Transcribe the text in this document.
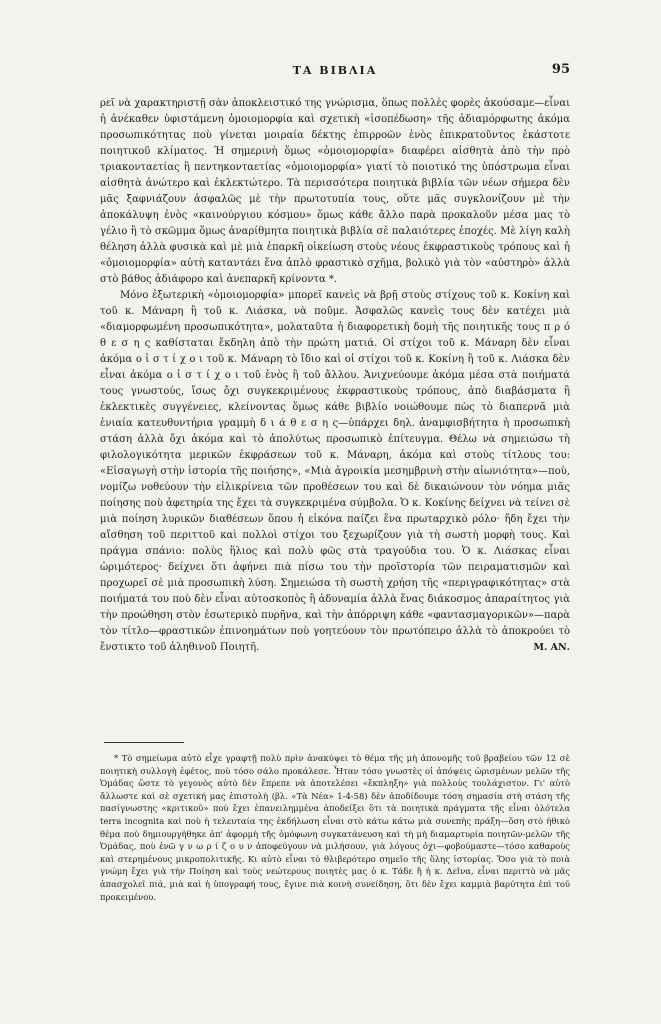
ΤΑ ΒΙΒΛΙΑ	95

ρεῖ νὰ χαρακτηριστῇ σὰν ἀποκλειστικό της γνώρισμα, ὅπως πολλὲς φορὲς ἀκούσαμε—εἶναι ἡ ἀνέκαθεν ὑφιστάμενη ὁμοιομορφία καὶ σχετικὴ «ἰσοπέδωση» τῆς ἀδιαμόρφωτης ἀκόμα προσωπικότητας ποὺ γίνεται μοιραία δέκτης ἐπιρροῶν ἑνὸς ἐπικρατοῦντος ἑκάστοτε ποιητικοῦ κλίματος. Ἡ σημερινὴ ὅμως «ὁμοιομορφία» διαφέρει αἰσθητὰ ἀπὸ τὴν πρὸ τριακονταετίας ἢ πεντηκονταετίας «ὁμοιομορφία» γιατί τὸ ποιοτικό της ὑπόστρωμα εἶναι αἰσθητὰ ἀνώτερο καὶ ἐκλεκτώτερο. Τὰ περισσότερα ποιητικὰ βιβλία τῶν νέων σήμερα δὲν μᾶς ξαφνιάζουν ἀσφαλῶς μὲ τὴν πρωτοτυπία τους, οὔτε μᾶς συγκλονίζουν μὲ τὴν ἀποκάλυψη ἑνὸς «καινούργιου κόσμου» ὅμως κάθε ἄλλο παρὰ προκαλοῦν μέσα μας τὸ γέλιο ἢ τὸ σκῶμμα ὅμως ἀναρίθμητα ποιητικὰ βιβλία σὲ παλαιότερες ἐποχές. Μὲ λίγη καλὴ θέληση ἀλλὰ φυσικὰ καὶ μὲ μιὰ ἐπαρκῆ οἰκείωση στοὺς νέους ἐκφραστικοὺς τρόπους καὶ ἡ «ὁμοιομορφία» αὐτὴ καταντάει ἕνα ἁπλὸ φραστικὸ σχῆμα, βολικὸ γιὰ τὸν «αὐστηρὸ» ἀλλὰ στὸ βάθος ἀδιάφορο καὶ ἀνεπαρκῆ κρίνοντα *.

Μόνο ἐξωτερικὴ «ὁμοιομορφία» μπορεῖ κανεὶς νὰ βρῇ στοὺς στίχους τοῦ κ. Κοκίνη καὶ τοῦ κ. Μάναρη ἢ τοῦ κ. Λιάσκα, νὰ ποῦμε. Ἀσφαλῶς κανεὶς τους δὲν κατέχει μιὰ «διαμορφωμένη προσωπικότητα», μολαταῦτα ἡ διαφορετικὴ δομὴ τῆς ποιητικῆς τους π ρ ό θ ε σ η ς καθίσταται ἔκδηλη ἀπὸ τὴν πρώτη ματιά. Οἱ στίχοι τοῦ κ. Μάναρη δὲν εἶναι ἀκόμα ο ἱ σ τ ί χ ο ι τοῦ κ. Μάναρη τὸ ἴδιο καὶ οἱ στίχοι τοῦ κ. Κοκίνη ἢ τοῦ κ. Λιάσκα δὲν εἶναι ἀκόμα ο ἱ σ τ ί χ ο ι τοῦ ἑνὸς ἢ τοῦ ἄλλου. Ἀνιχνεύουμε ἀκόμα μέσα στὰ ποιήματά τους γνωστούς, ἴσως ὄχι συγκεκριμένους ἐκφραστικοὺς τρόπους, ἀπὸ διαβάσματα ἢ ἐκλεκτικὲς συγγένειες, κλείνοντας ὅμως κάθε βιβλίο νοιώθουμε πὼς τὸ διαπερνᾶ μιὰ ἑνιαία κατευθυντήρια γραμμὴ δ ι ά θ ε σ η ς—ὑπάρχει δηλ. ἀναμφισβήτητα ἡ προσωπικὴ στάση ἀλλὰ ὄχι ἀκόμα καὶ τὸ ἀπολύτως προσωπικὸ ἐπίτευγμα. Θέλω νὰ σημειώσω τὴ φιλολογικότητα μερικῶν ἐκφράσεων τοῦ κ. Μάναρη, ἀκόμα καὶ στοὺς τίτλους του: «Εἰσαγωγὴ στὴν ἱστορία τῆς ποιήσης», «Μιὰ ἀγροικία μεσημβρινὴ στὴν αἰωνιότητα»—ποὺ, νομίζω νοθεύουν τὴν εἰλικρίνεια τῶν προθέσεων του καὶ δὲ δικαιώνουν τὸν νόημα μιᾶς ποίησης ποὺ ἀφετηρία της ἔχει τὰ συγκεκριμένα σύμβολα. Ὁ κ. Κοκίνης δείχνει νὰ τείνει σὲ μιὰ ποίηση λυρικῶν διαθέσεων ὅπου ἡ εἰκόνα παίζει ἕνα πρωταρχικὸ ρόλο· ἤδη ἔχει τὴν αἴσθηση τοῦ περιττοῦ καὶ πολλοὶ στίχοι του ξεχωρίζουν γιὰ τὴ σωστὴ μορφὴ τους. Καὶ πράγμα σπάνιο: πολὺς ἥλιος καὶ πολὺ φῶς στὰ τραγούδια του. Ὁ κ. Λιάσκας εἶναι ὡριμότερος· δείχνει ὅτι ἀφήνει πιὰ πίσω του τὴν προϊστορία τῶν πειραματισμῶν καὶ προχωρεῖ σὲ μιὰ προσωπικὴ λύση. Σημειώσα τὴ σωστὴ χρήση τῆς «περιγραφικότητας» στὰ ποιήματά του ποὺ δὲν εἶναι αὐτοσκοπὸς ἢ ἀδυναμία ἀλλὰ ἕνας διάκοσμος ἀπαραίτητος γιὰ τὴν προώθηση στὸν ἐσωτερικὸ πυρῆνα, καὶ τὴν ἀπόρριψη κάθε «φαντασμαγορικῶν»—παρὰ τὸν τίτλο—φραστικῶν ἐπινοημάτων ποὺ γοητεύουν τὸν πρωτόπειρο ἀλλὰ τὸ ἀποκρούει τὸ ἔνστικτο τοῦ ἀληθινοῦ Ποιητῆ.	Μ. ΑΝ.

* Τὸ σημείωμα αὐτὸ εἶχε γραφτῇ πολὺ πρὶν ἀνακύψει τὸ θέμα τῆς μὴ ἀπονομῆς τοῦ βραβείου τῶν 12 σὲ ποιητικὴ συλλογὴ ἐφέτος, ποὺ τόσο σάλο προκάλεσε. Ἦταν τόσο γνωστὲς οἱ ἀπόψεις ὡρισμένων μελῶν τῆς Ὁμάδας ὥστε τὸ γεγονὸς αὐτὸ δὲν ἔπρεπε νὰ ἀποτελέσει «ἔκπληξη» γιὰ πολλοὺς τουλάχιστον. Γι' αὐτὸ ἄλλωστε καὶ σὲ σχετική μας ἐπιστολὴ (βλ. «Τὰ Νέα» 1-4-58) δὲν ἀποδίδουμε τόση σημασία στὴ στάση τῆς πασίγνωστης «κριτικοῦ» ποὺ ἔχει ἐπανειλημμένα ἀποδείξει ὅτι τὰ ποιητικὰ πράγματα τῆς εἶναι ὁλότελα terra incognita καὶ ποὺ ἡ τελευταία της ἐκδήλωση εἶναι στὸ κάτω κάτω μιὰ συνεπὴς πράξη—ὅση στὸ ἠθικὸ θέμα ποὺ δημιουργήθηκε ἀπ' ἀφορμὴ τῆς ὁμόφωνη συγκατάνευση καὶ τὴ μὴ διαμαρτυρία ποιητῶν-μελῶν τῆς Ὁμάδας, ποὺ ἐνῶ γ ν ω ρ ί ζ ο υ ν ἀποφεύγουν νὰ μιλήσουν, γιὰ λόγους ὀχι—φοβούμαστε—τόσο καθαροὺς καὶ στερημένους μικροπολιτικῆς. Κι αὐτὸ εἶναι τὸ θλιβερότερο σημεῖο τῆς ὅλης ἱστορίας. Ὅσο γιὰ τὸ ποιὰ γνώμη ἔχει γιὰ τὴν Ποίηση καὶ τοὺς νεώτερους ποιητὲς μας ὁ κ. Τάδε ἢ ἡ κ. Δεῖνα, εἶναι περιττὸ νὰ μᾶς ἀπασχολεῖ πιά, μιὰ καὶ ἡ ὑπογραφή τους, ἔγινε πιὰ κοινὴ συνείδηση, ὅτι δὲν ἔχει καμμιὰ βαρύτητα ἐπὶ τοῦ προκειμένου.
